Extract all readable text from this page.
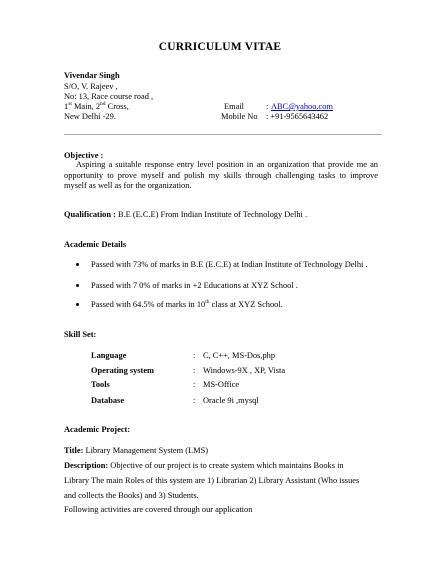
CURRICULUM VITAE
Vivendar Singh
S/O, V. Rajeev ,
No: 13, Race course road ,
1st Main, 2nd Cross,
New Delhi -29.
Email	: ABC@yahoo.com
Mobile No : +91-9565643462
Objective :
Aspiring a suitable response entry level position in an organization that provide me an opportunity to prove myself and polish my skills through challenging tasks to improve myself as well as for the organization.
Qualification : B.E (E.C.E) From Indian Institute of Technology Delhi .
Academic Details
Passed with 73% of marks in B.E (E.C.E) at Indian Institute of Technology Delhi .
Passed with 7 0% of marks in +2 Educations at XYZ School .
Passed with 64.5% of marks in 10th class at XYZ School.
Skill Set:
Language	: C, C++, MS-Dos,php
Operating system	: Windows-9X , XP, Vista
Tools	: MS-Office
Database	: Oracle 9i ,mysql
Academic Project:
Title: Library Management System (LMS)
Description: Objective of our project is to create system which maintains Books in
Library The main Roles of this system are 1) Librarian 2) Library Assistant (Who issues
and collects the Books) and 3) Students.
Following activities are covered through our application
